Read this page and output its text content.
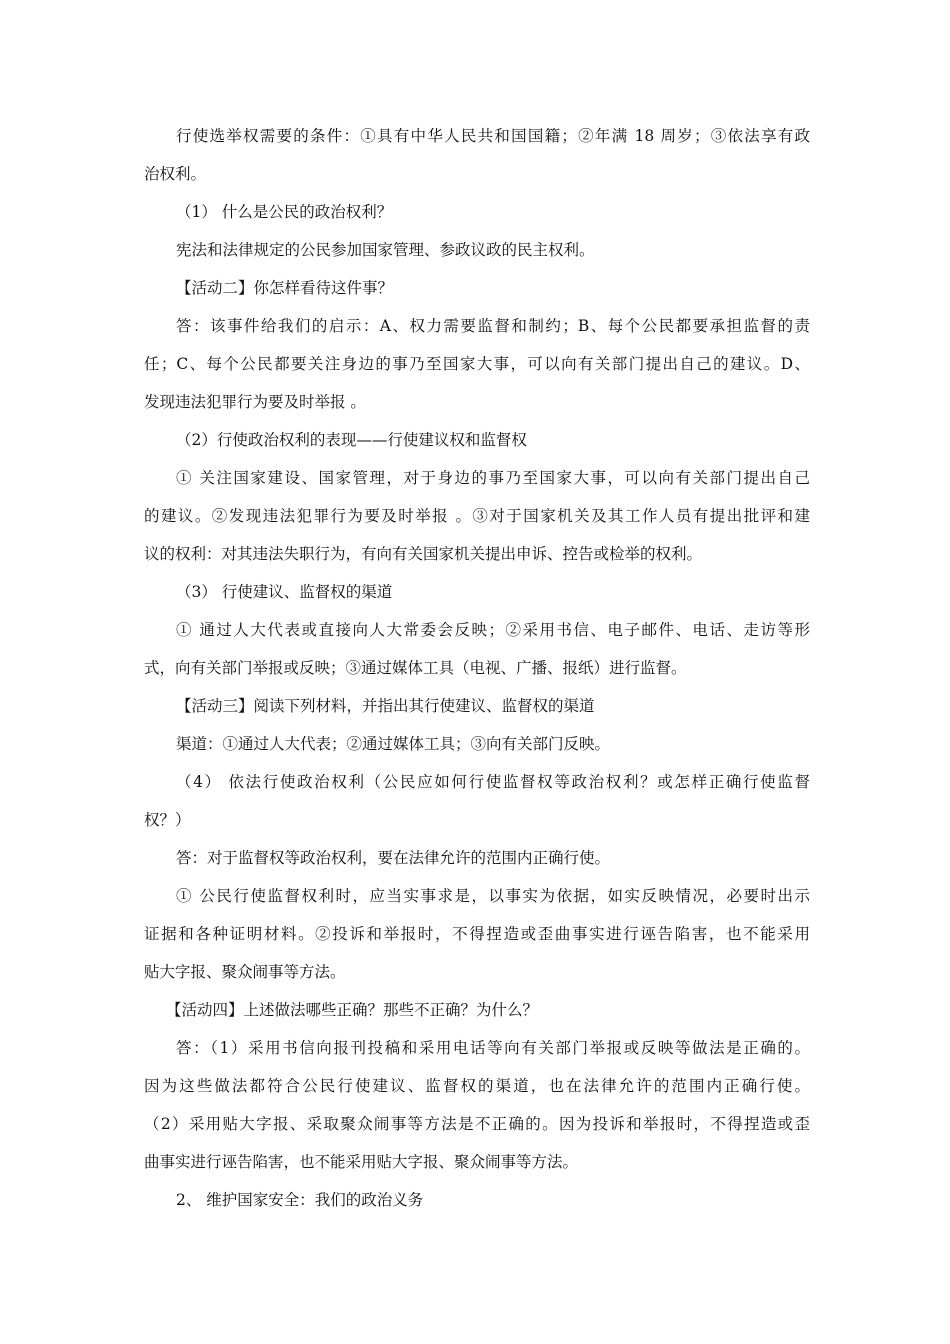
行使选举权需要的条件：①具有中华人民共和国国籍；②年满 18 周岁；③依法享有政
治权利。
（1） 什么是公民的政治权利？
宪法和法律规定的公民参加国家管理、参政议政的民主权利。
【活动二】你怎样看待这件事？
答：该事件给我们的启示：A、权力需要监督和制约；B、每个公民都要承担监督的责
任；C、每个公民都要关注身边的事乃至国家大事，可以向有关部门提出自己的建议。D、
发现违法犯罪行为要及时举报 。
（2）行使政治权利的表现——行使建议权和监督权
① 关注国家建设、国家管理，对于身边的事乃至国家大事，可以向有关部门提出自己
的建议。②发现违法犯罪行为要及时举报 。③对于国家机关及其工作人员有提出批评和建
议的权利：对其违法失职行为，有向有关国家机关提出申诉、控告或检举的权利。
（3） 行使建议、监督权的渠道
① 通过人大代表或直接向人大常委会反映；②采用书信、电子邮件、电话、走访等形
式，向有关部门举报或反映；③通过媒体工具（电视、广播、报纸）进行监督。
【活动三】阅读下列材料，并指出其行使建议、监督权的渠道
渠道：①通过人大代表；②通过媒体工具；③向有关部门反映。
（4） 依法行使政治权利（公民应如何行使监督权等政治权利？或怎样正确行使监督
权？）
答：对于监督权等政治权利，要在法律允许的范围内正确行使。
① 公民行使监督权利时，应当实事求是，以事实为依据，如实反映情况，必要时出示
证据和各种证明材料。②投诉和举报时，不得捏造或歪曲事实进行诬告陷害，也不能采用
贴大字报、聚众闹事等方法。
【活动四】上述做法哪些正确？那些不正确？为什么？
答：（1）采用书信向报刊投稿和采用电话等向有关部门举报或反映等做法是正确的。
因为这些做法都符合公民行使建议、监督权的渠道，也在法律允许的范围内正确行使。
（2）采用贴大字报、采取聚众闹事等方法是不正确的。因为投诉和举报时，不得捏造或歪
曲事实进行诬告陷害，也不能采用贴大字报、聚众闹事等方法。
2、 维护国家安全：我们的政治义务
